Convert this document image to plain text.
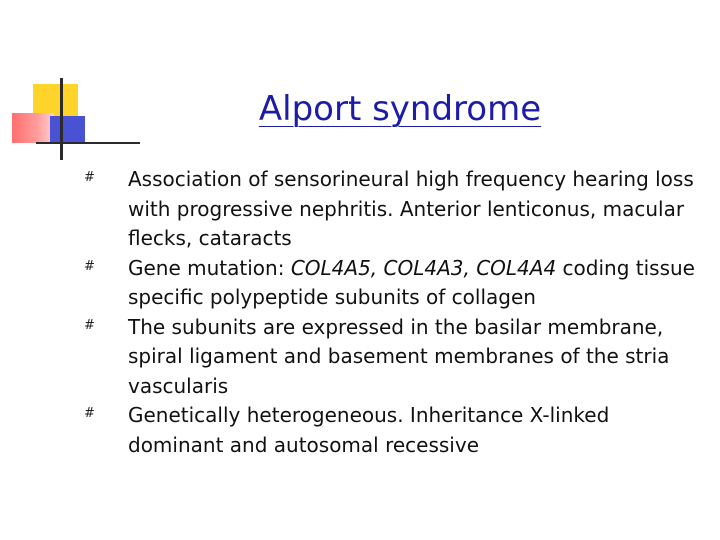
Alport syndrome
# Association of sensorineural high frequency hearing loss with progressive nephritis. Anterior lenticonus, macular flecks, cataracts
# Gene mutation: COL4A5, COL4A3, COL4A4 coding tissue specific polypeptide subunits of collagen
# The subunits are expressed in the basilar membrane, spiral ligament and basement membranes of the stria vascularis
# Genetically heterogeneous. Inheritance X-linked dominant and autosomal recessive
